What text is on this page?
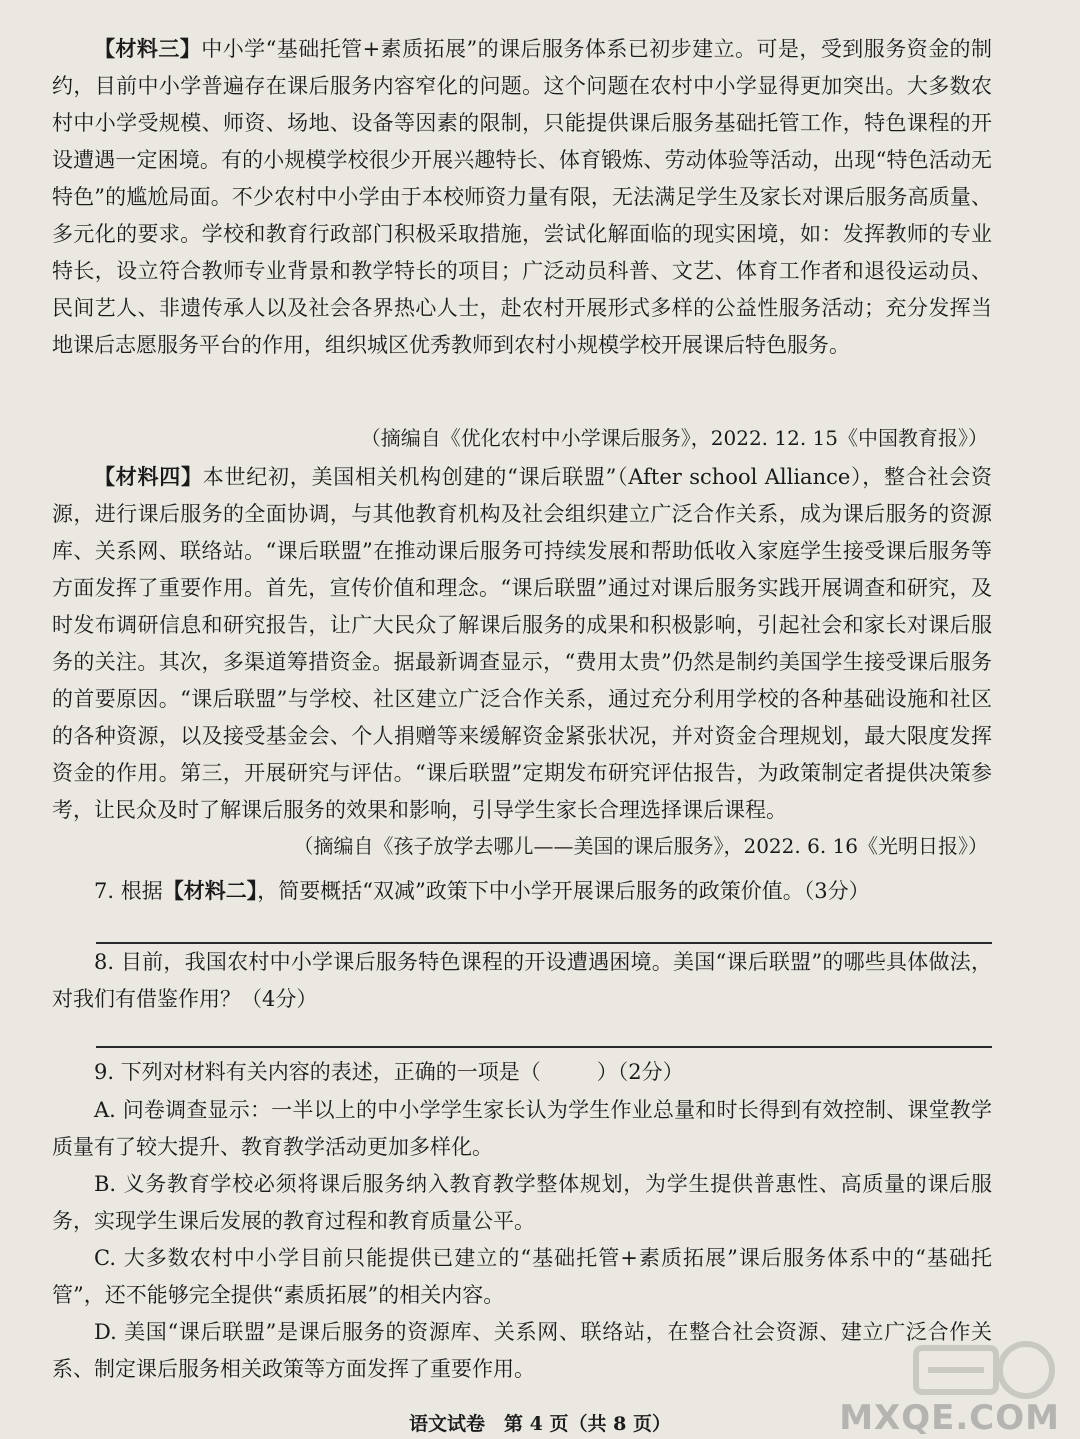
【材料三】中小学“基础托管+素质拓展”的课后服务体系已初步建立。可是，受到服务资金的制约，目前中小学普遍存在课后服务内容窄化的问题。这个问题在农村中小学显得更加突出。大多数农村中小学受规模、师资、场地、设备等因素的限制，只能提供课后服务基础托管工作，特色课程的开设遭遇一定困境。有的小规模学校很少开展兴趣特长、体育锻炼、劳动体验等活动，出现“特色活动无特色”的尴尬局面。不少农村中小学由于本校师资力量有限，无法满足学生及家长对课后服务高质量、多元化的要求。学校和教育行政部门积极采取措施，尝试化解面临的现实困境，如：发挥教师的专业特长，设立符合教师专业背景和教学特长的项目；广泛动员科普、文艺、体育工作者和退役运动员、民间艺人、非遗传承人以及社会各界热心人士，赴农村开展形式多样的公益性服务活动；充分发挥当地课后志愿服务平台的作用，组织城区优秀教师到农村小规模学校开展课后特色服务。

（摘编自《优化农村中小学课后服务》，2022. 12. 15《中国教育报》）

【材料四】本世纪初，美国相关机构创建的“课后联盟”（After school Alliance），整合社会资源，进行课后服务的全面协调，与其他教育机构及社会组织建立广泛合作关系，成为课后服务的资源库、关系网、联络站。“课后联盟”在推动课后服务可持续发展和帮助低收入家庭学生接受课后服务等方面发挥了重要作用。首先，宣传价值和理念。“课后联盟”通过对课后服务实践开展调查和研究，及时发布调研信息和研究报告，让广大民众了解课后服务的成果和积极影响，引起社会和家长对课后服务的关注。其次，多渠道筹措资金。据最新调查显示，“费用太贵”仍然是制约美国学生接受课后服务的首要原因。“课后联盟”与学校、社区建立广泛合作关系，通过充分利用学校的各种基础设施和社区的各种资源，以及接受基金会、个人捐赠等来缓解资金紧张状况，并对资金合理规划，最大限度发挥资金的作用。第三，开展研究与评估。“课后联盟”定期发布研究评估报告，为政策制定者提供决策参考，让民众及时了解课后服务的效果和影响，引导学生家长合理选择课后课程。

（摘编自《孩子放学去哪儿——美国的课后服务》，2022. 6. 16《光明日报》）

7. 根据【材料二】，简要概括“双减”政策下中小学开展课后服务的政策价值。（3分）

8. 目前，我国农村中小学课后服务特色课程的开设遭遇困境。美国“课后联盟”的哪些具体做法，对我们有借鉴作用？（4分）

9. 下列对材料有关内容的表述，正确的一项是（	）（2分）

A. 问卷调查显示：一半以上的中小学学生家长认为学生作业总量和时长得到有效控制、课堂教学质量有了较大提升、教育教学活动更加多样化。

B. 义务教育学校必须将课后服务纳入教育教学整体规划，为学生提供普惠性、高质量的课后服务，实现学生课后发展的教育过程和教育质量公平。

C. 大多数农村中小学目前只能提供已建立的“基础托管+素质拓展”课后服务体系中的“基础托管”，还不能够完全提供“素质拓展”的相关内容。

D. 美国“课后联盟”是课后服务的资源库、关系网、联络站，在整合社会资源、建立广泛合作关系、制定课后服务相关政策等方面发挥了重要作用。

语文试卷　第 4 页（共 8 页）	MXQE.COM
